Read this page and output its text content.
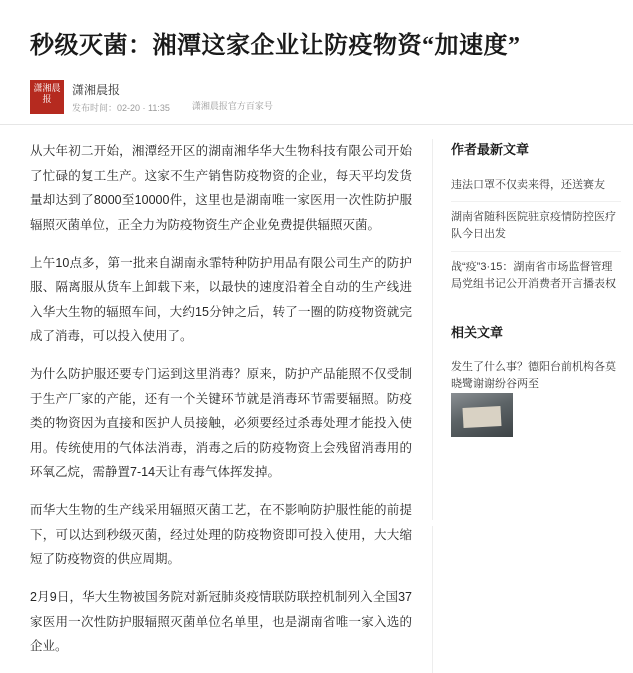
秒级灭菌：湘潭这家企业让防疫物资“加速度”
潇湘晨报
潇湘晨报
发布时间：02-20 · 11:35 潇湘晨报官方百家号

从大年初二开始，湘潭经开区的湖南湘华华大生物科技有限公司开始了忙碌的复工生产。这家不生产销售防疫物资的企业，每天平均发货量却达到了8000至10000件，这里也是湖南唯一家医用一次性防护服辐照灭菌单位，正全力为防疫物资生产企业免费提供辐照灭菌。

上午10点多，第一批来自湖南永霏特种防护用品有限公司生产的防护服、隔离服从货车上卸载下来，以最快的速度沿着全自动的生产线进入华大生物的辐照车间，大约15分钟之后，转了一圈的防疫物资就完成了消毒，可以投入使用了。

为什么防护服还要专门运到这里消毒？原来，防护产品能照不仅受制于生产厂家的产能，还有一个关键环节就是消毒环节需要辐照。防疫类的物资因为直接和医护人员接触，必须要经过杀毒处理才能投入使用。传统使用的气体法消毒，消毒之后的防疫物资上会残留消毒用的环氧乙烷，需静置7-14天让有毒气体挥发掉。

而华大生物的生产线采用辐照灭菌工艺，在不影响防护服性能的前提下，可以达到秒级灭菌，经过处理的防疫物资即可投入使用，大大缩短了防疫物资的供应周期。

2月9日，华大生物被国务院对新冠肺炎疫情联防联控机制列入全国37家医用一次性防护服辐照灭菌单位名单里，也是湖南省唯一家入选的企业。

作者最新文章
违法口罩不仅卖来得，还送赛友
湖南省随科医院驻京疫情防控医疗队今日出发
战“疫”3·15：湖南省市场监督管理局党组书记公开消费者开言播表权
相关文章
发生了什么事？德阳台前机构各莫晓鹭谢谢纷谷两至
